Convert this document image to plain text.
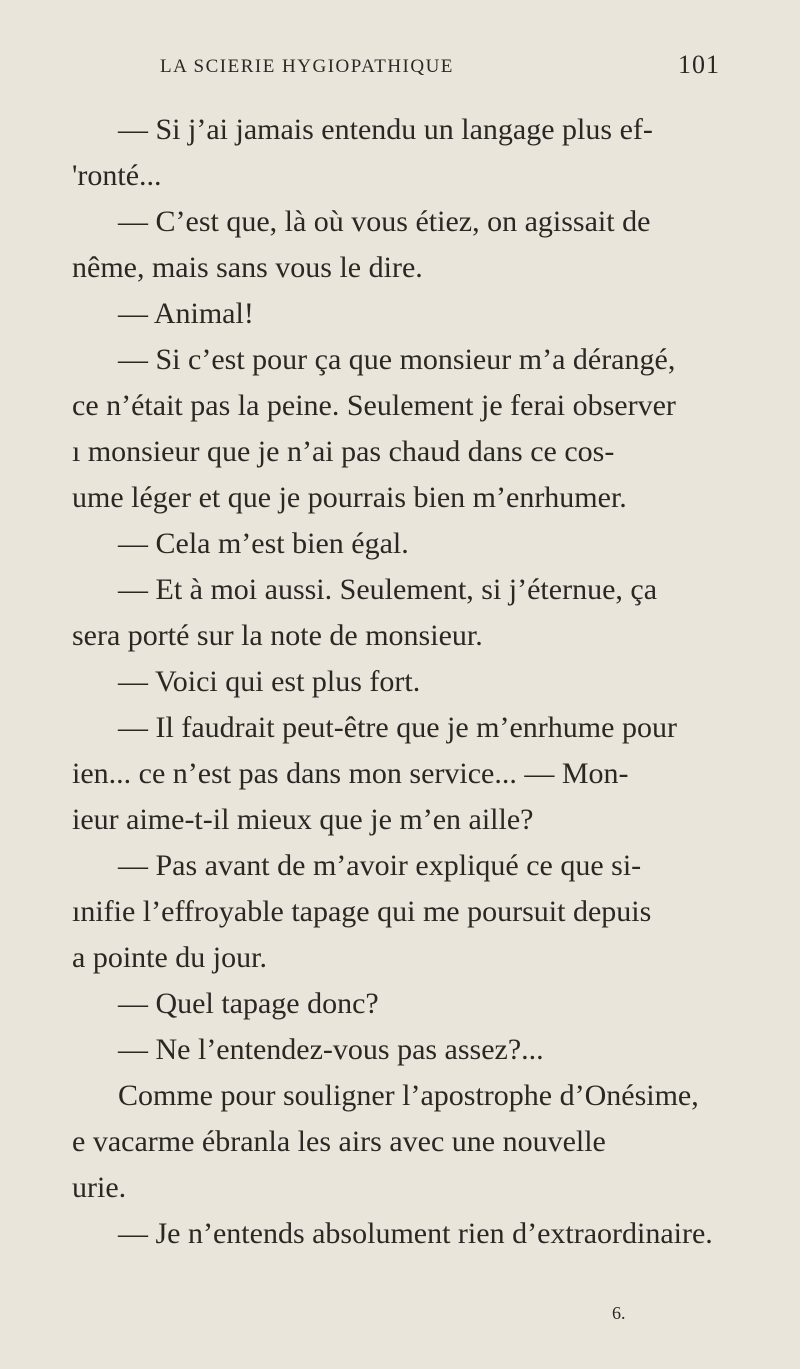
LA SCIERIE HYGIOPATHIQUE	101
— Si j’ai jamais entendu un langage plus ef-
'ronté...
— C’est que, là où vous étiez, on agissait de
nême, mais sans vous le dire.
— Animal!
— Si c’est pour ça que monsieur m’a dérangé,
ce n’était pas la peine. Seulement je ferai observer
ı monsieur que je n’ai pas chaud dans ce cos-
ume léger et que je pourrais bien m’enrhumer.
— Cela m’est bien égal.
— Et à moi aussi. Seulement, si j’éternue, ça
sera porté sur la note de monsieur.
— Voici qui est plus fort.
— Il faudrait peut-être que je m’enrhume pour
ien... ce n’est pas dans mon service... — Mon-
ieur aime-t-il mieux que je m’en aille?
— Pas avant de m’avoir expliqué ce que si-
ınifie l’effroyable tapage qui me poursuit depuis
a pointe du jour.
— Quel tapage donc?
— Ne l’entendez-vous pas assez?...
Comme pour souligner l’apostrophe d’Onésime,
e vacarme ébranla les airs avec une nouvelle
urie.
— Je n’entends absolument rien d’extraordinaire.
6.
